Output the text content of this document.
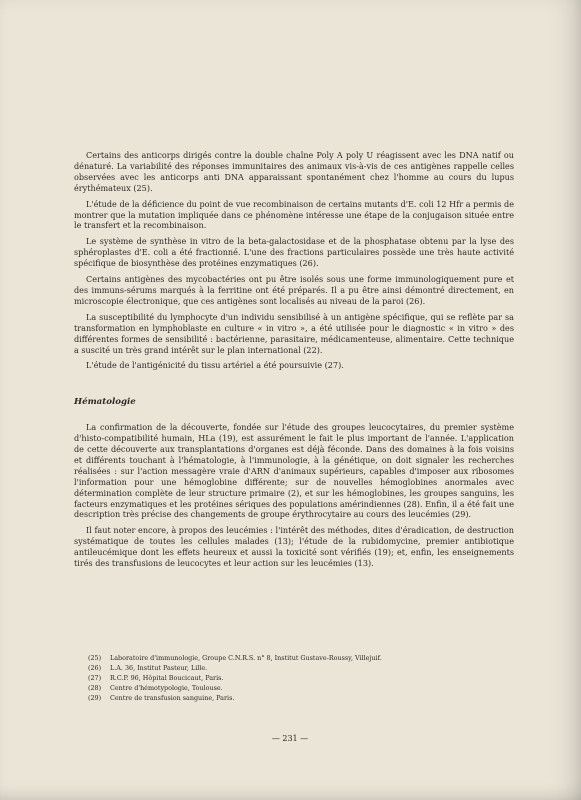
Certains des anticorps dirigés contre la double chaîne Poly A poly U réagissent avec les DNA natif ou dénaturé. La variabilité des réponses immunitaires des animaux vis-à-vis de ces antigènes rappelle celles observées avec les anticorps anti DNA apparaissant spontanément chez l'homme au cours du lupus érythémateux (25).

L'étude de la déficience du point de vue recombinaison de certains mutants d'E. coli 12 Hfr a permis de montrer que la mutation impliquée dans ce phénomène intéresse une étape de la conjugaison située entre le transfert et la recombinaison.

Le système de synthèse in vitro de la beta-galactosidase et de la phosphatase obtenu par la lyse des sphéroplastes d'E. coli a été fractionné. L'une des fractions particulaires possède une très haute activité spécifique de biosynthèse des protéines enzymatiques (26).

Certains antigènes des mycobactéries ont pu être isolés sous une forme immunologiquement pure et des immuns-sérums marqués à la ferritine ont été préparés. Il a pu être ainsi démontré directement, en microscopie électronique, que ces antigènes sont localisés au niveau de la paroi (26).

La susceptibilité du lymphocyte d'un individu sensibilisé à un antigène spécifique, qui se reflète par sa transformation en lymphoblaste en culture « in vitro », a été utilisée pour le diagnostic « in vitro » des différentes formes de sensibilité : bactérienne, parasitaire, médicamenteuse, alimentaire. Cette technique a suscité un très grand intérêt sur le plan international (22).

L'étude de l'antigénicité du tissu artériel a été poursuivie (27).

Hématologie

La confirmation de la découverte, fondée sur l'étude des groupes leucocytaires, du premier système d'histo-compatibilité humain, HLa (19), est assurément le fait le plus important de l'année. L'application de cette découverte aux transplantations d'organes est déjà féconde. Dans des domaines à la fois voisins et différents touchant à l'hématologie, à l'immunologie, à la génétique, on doit signaler les recherches réalisées : sur l'action messagère vraie d'ARN d'animaux supérieurs, capables d'imposer aux ribosomes l'information pour une hémoglobine différente; sur de nouvelles hémoglobines anormales avec détermination complète de leur structure primaire (2), et sur les hémoglobines, les groupes sanguins, les facteurs enzymatiques et les protéines sériques des populations amérindiennes (28). Enfin, il a été fait une description très précise des changements de groupe érythrocytaire au cours des leucémies (29).

Il faut noter encore, à propos des leucémies : l'intérêt des méthodes, dites d'éradication, de destruction systématique de toutes les cellules malades (13); l'étude de la rubidomycine, premier antibiotique antileucémique dont les effets heureux et aussi la toxicité sont vérifiés (19); et, enfin, les enseignements tirés des transfusions de leucocytes et leur action sur les leucémies (13).

(25) Laboratoire d'immunologie, Groupe C.N.R.S. n° 8, Institut Gustave-Roussy, Villejuif.
(26) L.A. 36, Institut Pasteur, Lille.
(27) R.C.P. 96, Hôpital Boucicaut, Paris.
(28) Centre d'hémotypologie, Toulouse.
(29) Centre de transfusion sanguine, Paris.
— 231 —
